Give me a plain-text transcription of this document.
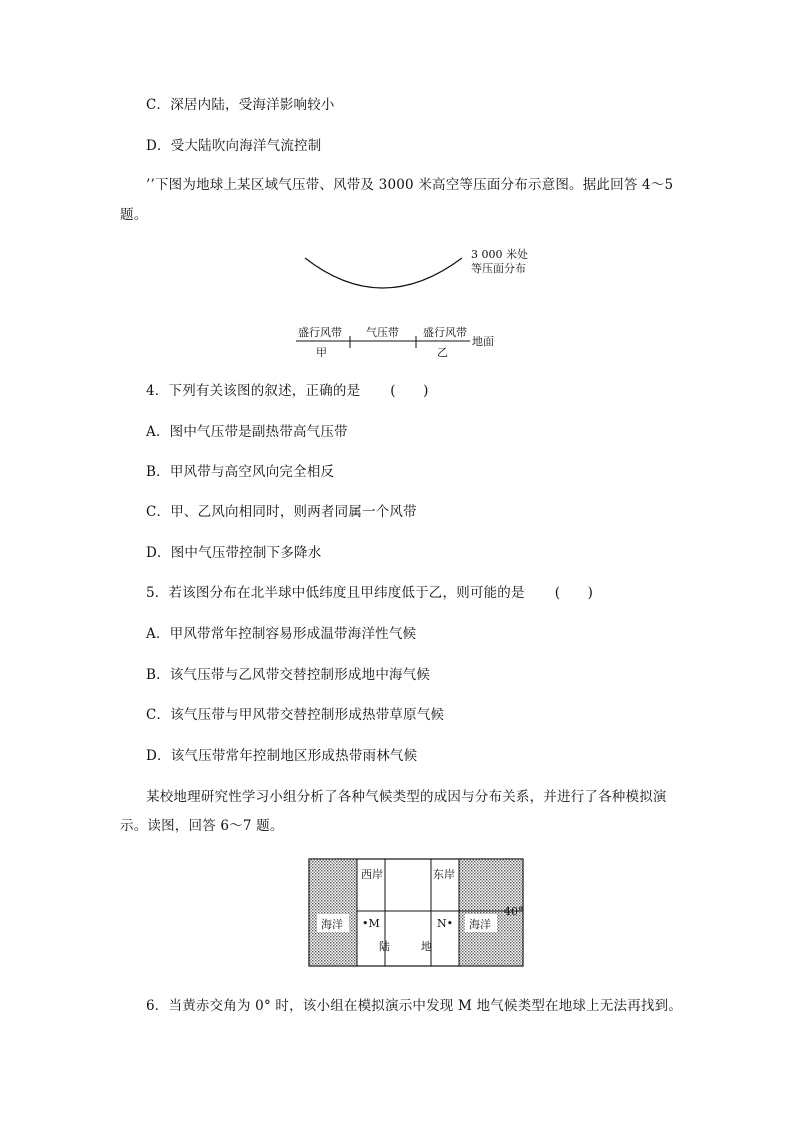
C．深居内陆，受海洋影响较小
D．受大陆吹向海洋气流控制
’’下图为地球上某区域气压带、风带及 3000 米高空等压面分布示意图。据此回答 4～5
题。
3 000 米处
等压面分布
盛行风带 气压带 盛行风带
地面
甲	乙
4．下列有关该图的叙述，正确的是 (　　)
A．图中气压带是副热带高气压带
B．甲风带与高空风向完全相反
C．甲、乙风向相同时，则两者同属一个风带
D．图中气压带控制下多降水
5．若该图分布在北半球中低纬度且甲纬度低于乙，则可能的是 (　　)
A．甲风带常年控制容易形成温带海洋性气候
B．该气压带与乙风带交替控制形成地中海气候
C．该气压带与甲风带交替控制形成热带草原气候
D．该气压带常年控制地区形成热带雨林气候
某校地理研究性学习小组分析了各种气候类型的成因与分布关系，并进行了各种模拟演
示。读图，回答 6～7 题。
西岸	东岸
海洋	海洋
•M	N•
陆	地
40°
6．当黄赤交角为 0° 时，该小组在模拟演示中发现 M 地气候类型在地球上无法再找到。
